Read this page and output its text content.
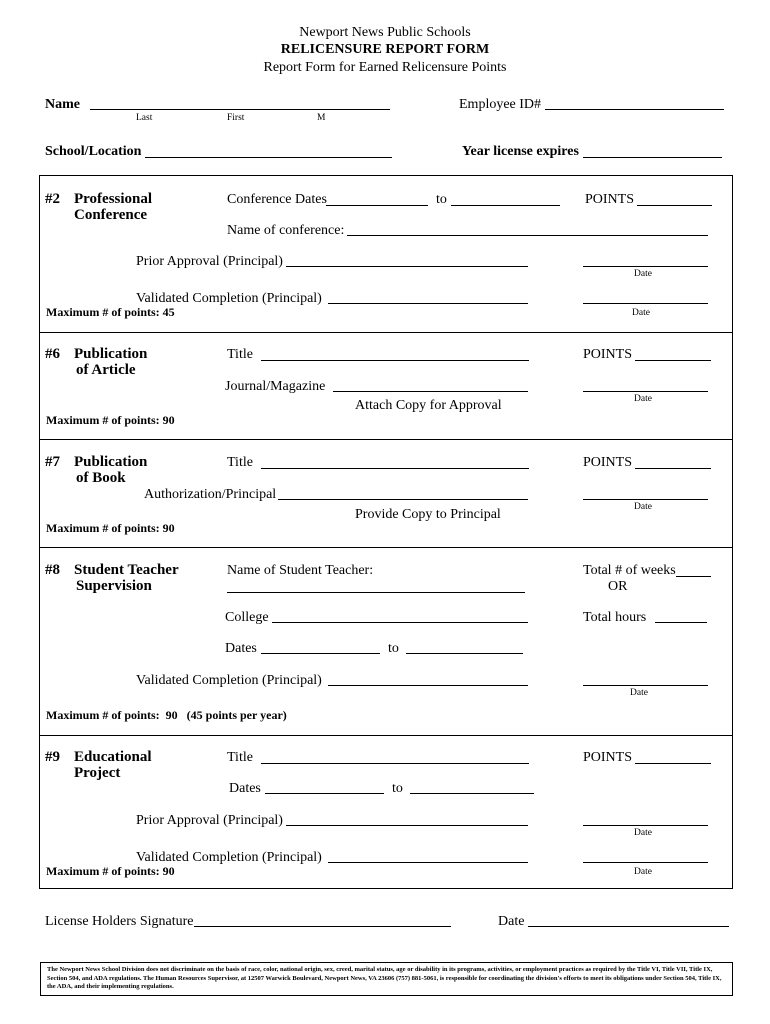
Newport News Public Schools
RELICENSURE REPORT FORM
Report Form for Earned Relicensure Points
Name
Last	First	M
Employee ID#
School/Location	Year license expires
#2 Professional
Conference
Conference Dates	to	POINTS
Name of conference:
Prior Approval (Principal)
Date
Validated Completion (Principal)
Maximum # of points: 45	Date
#6 Publication
of Article
Title	POINTS
Journal/Magazine
Date
Attach Copy for Approval
Maximum # of points: 90
#7 Publication
of Book
Title	POINTS
Authorization/Principal
Date
Provide Copy to Principal
Maximum # of points: 90
#8 Student Teacher
Supervision
Name of Student Teacher:	Total # of weeks
OR
College	Total hours
Dates	to
Validated Completion (Principal)
Date
Maximum # of points:  90   (45 points per year)
#9 Educational
Project
Title	POINTS
Dates	to
Prior Approval (Principal)
Date
Validated Completion (Principal)
Maximum # of points: 90	Date
License Holders Signature	Date
The Newport News School Division does not discriminate on the basis of race, color, national origin, sex, creed, marital status, age or disability in its programs, activities, or employment practices as required by the Title VI, Title VII, Title IX, Section 504, and ADA regulations. The Human Resources Supervisor, at 12507 Warwick Boulevard, Newport News, VA 23606 (757) 881-5061, is responsible for coordinating the division's efforts to meet its obligations under Section 504, Title IX, the ADA, and their implementing regulations.
